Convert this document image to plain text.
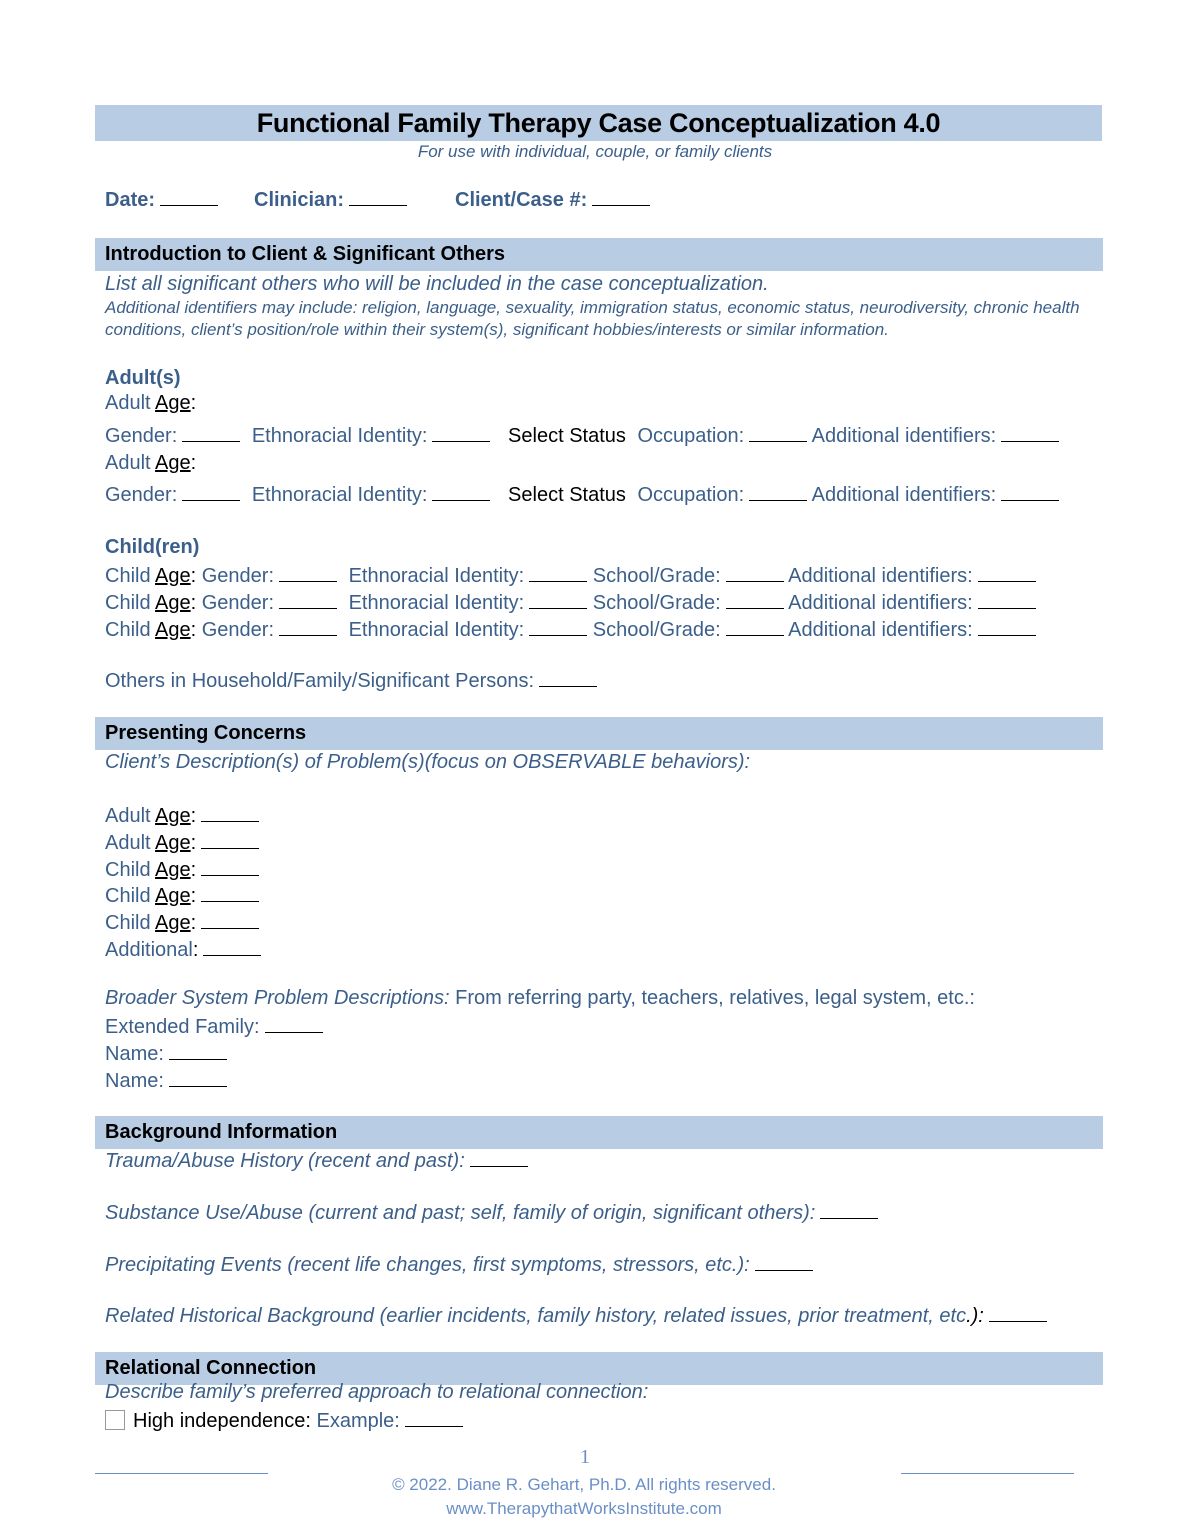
Functional Family Therapy Case Conceptualization 4.0
For use with individual, couple, or family clients
Date:	Clinician:	Client/Case #:
Introduction to Client & Significant Others
List all significant others who will be included in the case conceptualization.
Additional identifiers may include: religion, language, sexuality, immigration status, economic status, neurodiversity, chronic health
conditions, client’s position/role within their system(s), significant hobbies/interests or similar information.
Adult(s)
Adult Age:
Gender:	Ethnoracial Identity:	Select Status Occupation:	Additional identifiers:
Adult Age:
Gender:	Ethnoracial Identity:	Select Status Occupation:	Additional identifiers:
Child(ren)
Child Age: Gender:	Ethnoracial Identity:	School/Grade:	Additional identifiers:
Child Age: Gender:	Ethnoracial Identity:	School/Grade:	Additional identifiers:
Child Age: Gender:	Ethnoracial Identity:	School/Grade:	Additional identifiers:
Others in Household/Family/Significant Persons:
Presenting Concerns
Client’s Description(s) of Problem(s)(focus on OBSERVABLE behaviors):
Adult Age:
Adult Age:
Child Age:
Child Age:
Child Age:
Additional:
Broader System Problem Descriptions: From referring party, teachers, relatives, legal system, etc.:
Extended Family:
Name:
Name:
Background Information
Trauma/Abuse History (recent and past):
Substance Use/Abuse (current and past; self, family of origin, significant others):
Precipitating Events (recent life changes, first symptoms, stressors, etc.):
Related Historical Background (earlier incidents, family history, related issues, prior treatment, etc.):
Relational Connection
Describe family’s preferred approach to relational connection:
High independence: Example:
1
© 2022. Diane R. Gehart, Ph.D. All rights reserved.
www.TherapythatWorksInstitute.com
